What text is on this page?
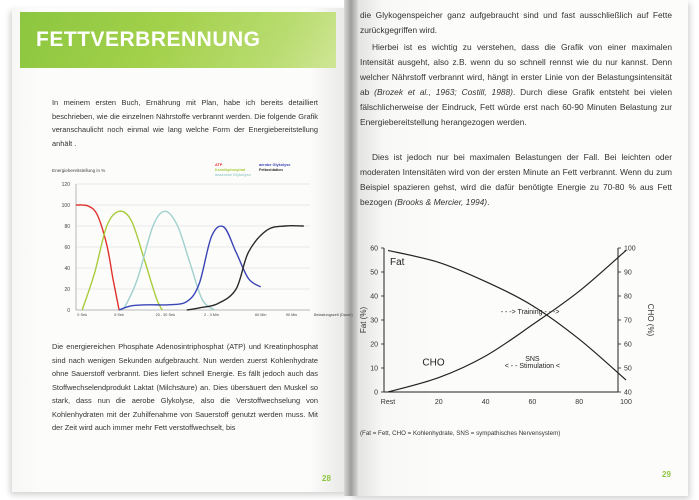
FETTVERBRENNUNG
In meinem ersten Buch, Ernährung mit Plan, habe ich bereits detailliert beschrieben, wie die einzelnen Nährstoffe verbrannt werden. Die folgende Grafik veranschaulicht noch einmal wie lang welche Form der Energiebereitstellung anhält .
Energiebereitstellung in %
ATP
Kreatinphosphat
anaerobe Glykolyse
aerobe Glykolyse
Fettoxidation
0
20
40
60
80
100
120
0 Sek	5 Sek	20 - 30 Sek	2 - 3 Min	60 Min	90 Min	Belastungszeit (Dauer)
Die energiereichen Phosphate Adenosintriphosphat (ATP) und Kreatinphosphat sind nach wenigen Sekunden aufgebraucht. Nun werden zuerst Kohlenhydrate ohne Sauerstoff verbrannt. Dies liefert schnell Energie. Es fällt jedoch auch das Stoffwechselendprodukt Laktat (Milchsäure) an. Dies übersäuert den Muskel so stark, dass nun die aerobe Glykolyse, also die Verstoffwechselung von Kohlenhydraten mit der Zuhilfenahme von Sauerstoff genutzt werden muss. Mit der Zeit wird auch immer mehr Fett verstoffwechselt, bis
28
die Glykogenspeicher ganz aufgebraucht sind und fast ausschließlich auf Fette zurückgegriffen wird.
Hierbei ist es wichtig zu verstehen, dass die Grafik von einer maximalen Intensität ausgeht, also z.B. wenn du so schnell rennst wie du nur kannst. Denn welcher Nährstoff verbrannt wird, hängt in erster Linie von der Belastungsintensität ab (Brozek et al., 1963; Costill, 1988). Durch diese Grafik entsteht bei vielen fälschlicherweise der Eindruck, Fett würde erst nach 60-90 Minuten Belastung zur Energiebereitstellung herangezogen werden.
Dies ist jedoch nur bei maximalen Belastungen der Fall. Bei leichten oder moderaten Intensitäten wird von der ersten Minute an Fett verbrannt. Wenn du zum Beispiel spazieren gehst, wird die dafür benötigte Energie zu 70-80 % aus Fett bezogen (Brooks & Mercier, 1994).
0
10
20
30
40
50
60
40
50
60
70
80
90
100
Rest	20	40	60	80	100
Fat (%)	CHO (%)
Fat
CHO
- - -> Training - - ->
SNS
< - - Stimulation <
(Fat = Fett, CHO = Kohlenhydrate, SNS = sympathisches Nervensystem)
29
